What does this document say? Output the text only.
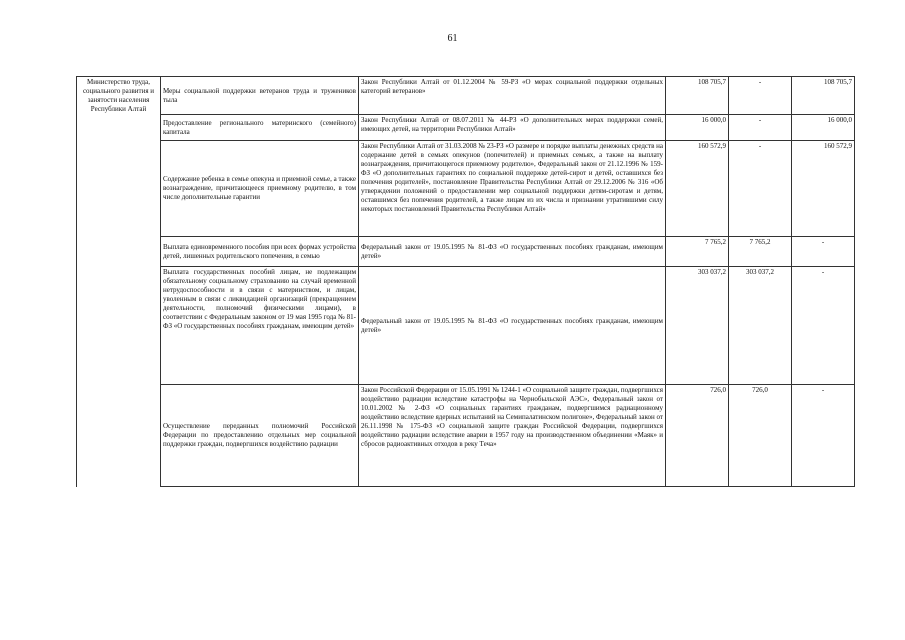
61
Министерство труда, социального развития и занятости населения Республики Алтай	Меры социальной поддержки ветеранов труда и тружеников тыла	Закон Республики Алтай от 01.12.2004 № 59-РЗ «О мерах социальной поддержки отдельных категорий ветеранов»	108 705,7	-	108 705,7
	Предоставление регионального материнского (семейного) капитала	Закон Республики Алтай от 08.07.2011 № 44-РЗ «О дополнительных мерах поддержки семей, имеющих детей, на территории Республики Алтай»	16 000,0	-	16 000,0
	Содержание ребенка в семье опекуна и приемной семье, а также вознаграждение, причитающееся приемному родителю, в том числе дополнительные гарантии	Закон Республики Алтай от 31.03.2008 № 23-РЗ «О размере и порядке выплаты денежных средств на содержание детей в семьях опекунов (попечителей) и приемных семьях, а также на выплату вознаграждения, причитающегося приемному родителю», Федеральный закон от 21.12.1996 № 159-ФЗ «О дополнительных гарантиях по социальной поддержке детей-сирот и детей, оставшихся без попечения родителей», постановление Правительства Республики Алтай от 29.12.2006 № 316 «Об утверждении положений о предоставлении мер социальной поддержки детям-сиротам и детям, оставшимся без попечения родителей, а также лицам из их числа и признании утратившими силу некоторых постановлений Правительства Республики Алтай»	160 572,9	-	160 572,9
	Выплата единовременного пособия при всех формах устройства детей, лишенных родительского попечения, в семью	Федеральный закон от 19.05.1995 № 81-ФЗ «О государственных пособиях гражданам, имеющим детей»	7 765,2	7 765,2	-
	Выплата государственных пособий лицам, не подлежащим обязательному социальному страхованию на случай временной нетрудоспособности и в связи с материнством, и лицам, уволенным в связи с ликвидацией организаций (прекращением деятельности, полномочий физическими лицами), в соответствии с Федеральным законом от 19 мая 1995 года № 81-ФЗ «О государственных пособиях гражданам, имеющим детей»	Федеральный закон от 19.05.1995 № 81-ФЗ «О государственных пособиях гражданам, имеющим детей»	303 037,2	303 037,2	-
	Осуществление переданных полномочий Российской Федерации по предоставлению отдельных мер социальной поддержки граждан, подвергшихся воздействию радиации	Закон Российской Федерации от 15.05.1991 № 1244-1 «О социальной защите граждан, подвергшихся воздействию радиации вследствие катастрофы на Чернобыльской АЭС», Федеральный закон от 10.01.2002 № 2-ФЗ «О социальных гарантиях гражданам, подвергшимся радиационному воздействию вследствие ядерных испытаний на Семипалатинском полигоне», Федеральный закон от 26.11.1998 № 175-ФЗ «О социальной защите граждан Российской Федерации, подвергшихся воздействию радиации вследствие аварии в 1957 году на производственном объединении «Маяк» и сбросов радиоактивных отходов в реку Теча»	726,0	726,0	-
